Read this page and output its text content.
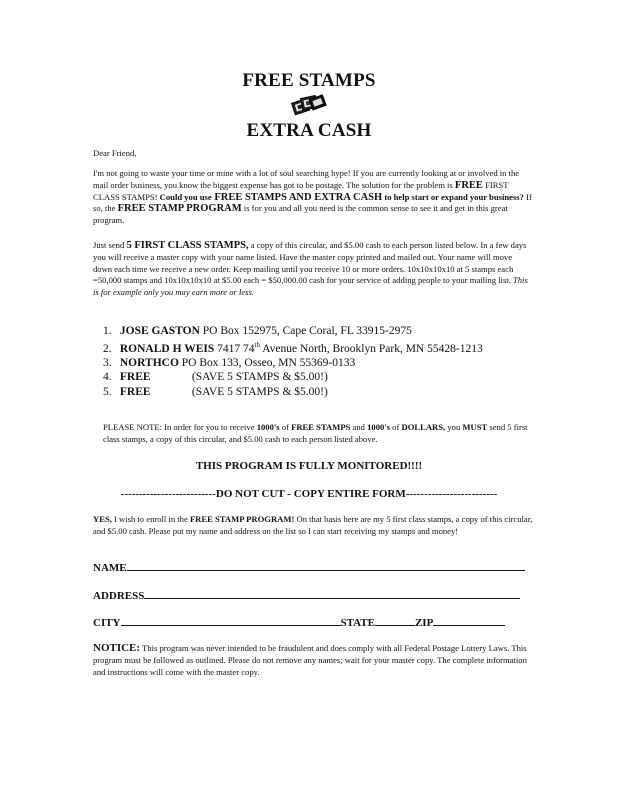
FREE STAMPS
EXTRA CASH
Dear Friend,
I'm not going to waste your time or mine with a lot of soul searching hype! If you are currently looking at or involved in the mail order business, you know the biggest expense has got to be postage. The solution for the problem is FREE FIRST CLASS STAMPS! Could you use FREE STAMPS AND EXTRA CASH to help start or expand your business? If so, the FREE STAMP PROGRAM is for you and all you need is the common sense to see it and get in this great program.
Just send 5 FIRST CLASS STAMPS, a copy of this circular, and $5.00 cash to each person listed below. In a few days you will receive a master copy with your name listed. Have the master copy printed and mailed out. Your name will move down each time we receive a new order. Keep mailing until you receive 10 or more orders. 10x10x10x10 at 5 stamps each =50,000 stamps and 10x10x10x10 at $5.00 each = $50,000.00 cash for your service of adding people to your mailing list. This is for example only you may earn more or less.
1. JOSE GASTON PO Box 152975, Cape Coral, FL 33915-2975
2. RONALD H WEIS 7417 74th Avenue North, Brooklyn Park, MN 55428-1213
3. NORTHCO PO Box 133, Osseo, MN 55369-0133
4. FREE	(SAVE 5 STAMPS & $5.00!)
5. FREE	(SAVE 5 STAMPS & $5.00!)
PLEASE NOTE: In order for you to receive 1000's of FREE STAMPS and 1000's of DOLLARS, you MUST send 5 first class stamps, a copy of this circular, and $5.00 cash to each person listed above.
THIS PROGRAM IS FULLY MONITORED!!!!
--------------------------DO NOT CUT - COPY ENTIRE FORM-------------------------
YES, I wish to enroll in the FREE STAMP PROGRAM! On that basis here are my 5 first class stamps, a copy of this circular, and $5.00 cash. Please put my name and address on the list so I can start receiving my stamps and money!
NAME
ADDRESS
CITY	STATE	ZIP
NOTICE: This program was never intended to be fraudulent and does comply with all Federal Postage Lottery Laws. This program must be followed as outlined. Please do not remove any names; wait for your master copy. The complete information and instructions will come with the master copy.
